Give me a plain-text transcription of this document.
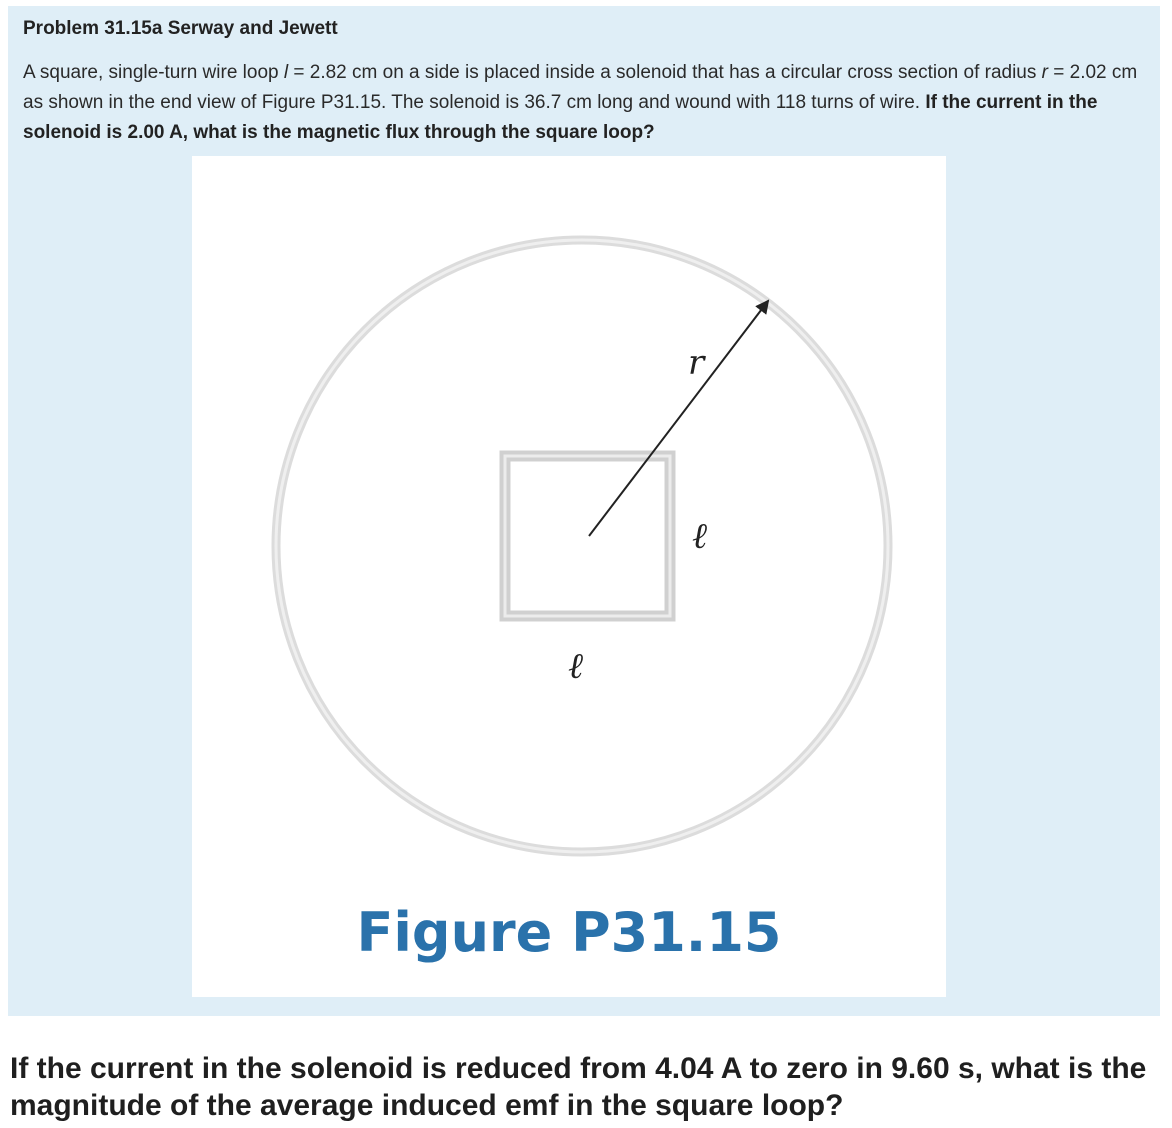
Problem 31.15a Serway and Jewett

A square, single-turn wire loop l = 2.82 cm on a side is placed inside a solenoid that has a circular cross section of radius r = 2.02 cm as shown in the end view of Figure P31.15. The solenoid is 36.7 cm long and wound with 118 turns of wire. If the current in the solenoid is 2.00 A, what is the magnetic flux through the square loop?

r
ℓ
ℓ

Figure P31.15

If the current in the solenoid is reduced from 4.04 A to zero in 9.60 s, what is the magnitude of the average induced emf in the square loop?
